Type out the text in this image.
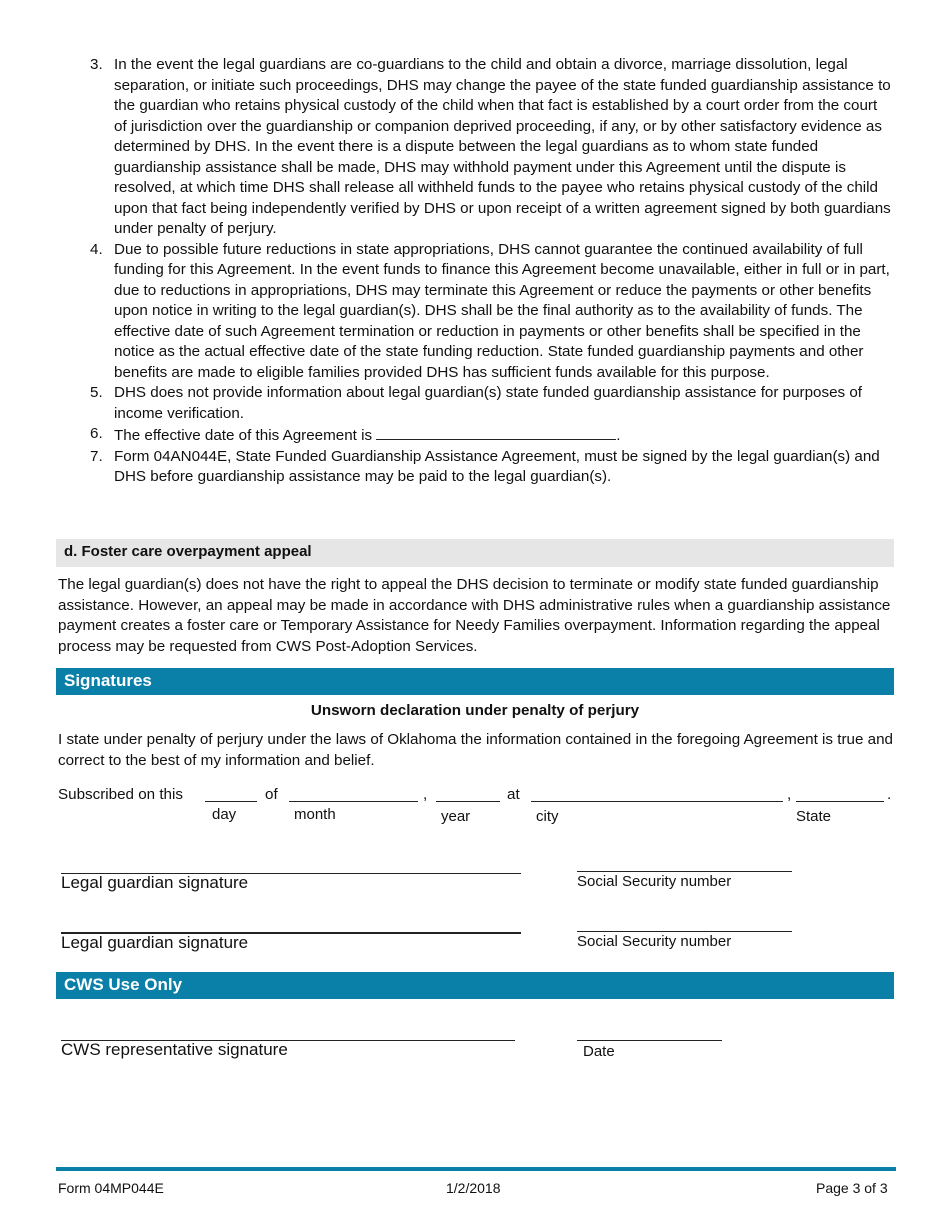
3. In the event the legal guardians are co-guardians to the child and obtain a divorce, marriage dissolution, legal separation, or initiate such proceedings, DHS may change the payee of the state funded guardianship assistance to the guardian who retains physical custody of the child when that fact is established by a court order from the court of jurisdiction over the guardianship or companion deprived proceeding, if any, or by other satisfactory evidence as determined by DHS. In the event there is a dispute between the legal guardians as to whom state funded guardianship assistance shall be made, DHS may withhold payment under this Agreement until the dispute is resolved, at which time DHS shall release all withheld funds to the payee who retains physical custody of the child upon that fact being independently verified by DHS or upon receipt of a written agreement signed by both guardians under penalty of perjury.
4. Due to possible future reductions in state appropriations, DHS cannot guarantee the continued availability of full funding for this Agreement. In the event funds to finance this Agreement become unavailable, either in full or in part, due to reductions in appropriations, DHS may terminate this Agreement or reduce the payments or other benefits upon notice in writing to the legal guardian(s). DHS shall be the final authority as to the availability of funds. The effective date of such Agreement termination or reduction in payments or other benefits shall be specified in the notice as the actual effective date of the state funding reduction. State funded guardianship payments and other benefits are made to eligible families provided DHS has sufficient funds available for this purpose.
5. DHS does not provide information about legal guardian(s) state funded guardianship assistance for purposes of income verification.
6. The effective date of this Agreement is	.
7. Form 04AN044E, State Funded Guardianship Assistance Agreement, must be signed by the legal guardian(s) and DHS before guardianship assistance may be paid to the legal guardian(s).
d. Foster care overpayment appeal
The legal guardian(s) does not have the right to appeal the DHS decision to terminate or modify state funded guardianship assistance. However, an appeal may be made in accordance with DHS administrative rules when a guardianship assistance payment creates a foster care or Temporary Assistance for Needy Families overpayment. Information regarding the appeal process may be requested from CWS Post-Adoption Services.
Signatures
Unsworn declaration under penalty of perjury
I state under penalty of perjury under the laws of Oklahoma the information contained in the foregoing Agreement is true and correct to the best of my information and belief.
Subscribed on this	of	,	at	,	.
day	month	year	city	State
Legal guardian signature	Social Security number
Legal guardian signature	Social Security number
CWS Use Only
CWS representative signature	Date
Form 04MP044E	1/2/2018	Page 3 of 3
